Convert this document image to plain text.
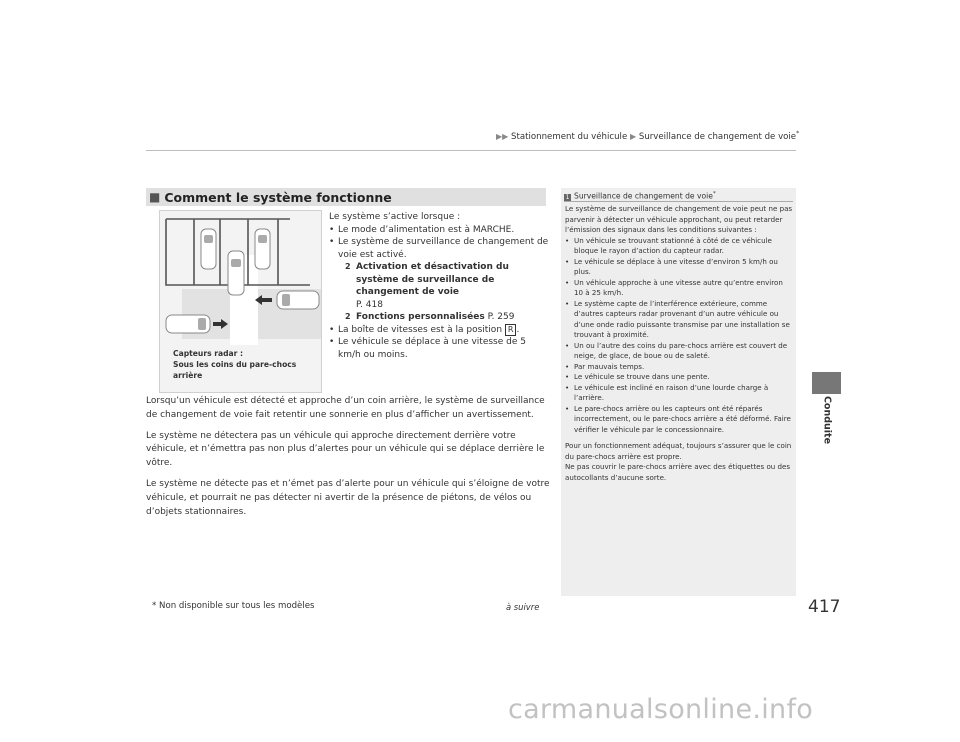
▶▶ Stationnement du véhicule ▶ Surveillance de changement de voie*
■ Comment le système fonctionne
Capteurs radar :
Sous les coins du pare-chocs arrière
Le système s’active lorsque :
• Le mode d’alimentation est à MARCHE.
• Le système de surveillance de changement de voie est activé.
2 Activation et désactivation du système de surveillance de changement de voie
P. 418
2 Fonctions personnalisées P. 259
• La boîte de vitesses est à la position R .
• Le véhicule se déplace à une vitesse de 5 km/h ou moins.

Lorsqu’un véhicule est détecté et approche d’un coin arrière, le système de surveillance de changement de voie fait retentir une sonnerie en plus d’afficher un avertissement.

Le système ne détectera pas un véhicule qui approche directement derrière votre véhicule, et n’émettra pas non plus d’alertes pour un véhicule qui se déplace derrière le vôtre.

Le système ne détecte pas et n’émet pas d’alerte pour un véhicule qui s’éloigne de votre véhicule, et pourrait ne pas détecter ni avertir de la présence de piétons, de vélos ou d’objets stationnaires.

1 Surveillance de changement de voie*
Le système de surveillance de changement de voie peut ne pas parvenir à détecter un véhicule approchant, ou peut retarder l’émission des signaux dans les conditions suivantes :
• Un véhicule se trouvant stationné à côté de ce véhicule bloque le rayon d’action du capteur radar.
• Le véhicule se déplace à une vitesse d’environ 5 km/h ou plus.
• Un véhicule approche à une vitesse autre qu’entre environ 10 à 25 km/h.
• Le système capte de l’interférence extérieure, comme d’autres capteurs radar provenant d’un autre véhicule ou d’une onde radio puissante transmise par une installation se trouvant à proximité.
• Un ou l’autre des coins du pare-chocs arrière est couvert de neige, de glace, de boue ou de saleté.
• Par mauvais temps.
• Le véhicule se trouve dans une pente.
• Le véhicule est incliné en raison d’une lourde charge à l’arrière.
• Le pare-chocs arrière ou les capteurs ont été réparés incorrectement, ou le pare-chocs arrière a été déformé. Faire vérifier le véhicule par le concessionnaire.
Pour un fonctionnement adéquat, toujours s’assurer que le coin du pare-chocs arrière est propre.
Ne pas couvrir le pare-chocs arrière avec des étiquettes ou des autocollants d’aucune sorte.
Conduite
* Non disponible sur tous les modèles	à suivre	417
carmanualsonline.info
